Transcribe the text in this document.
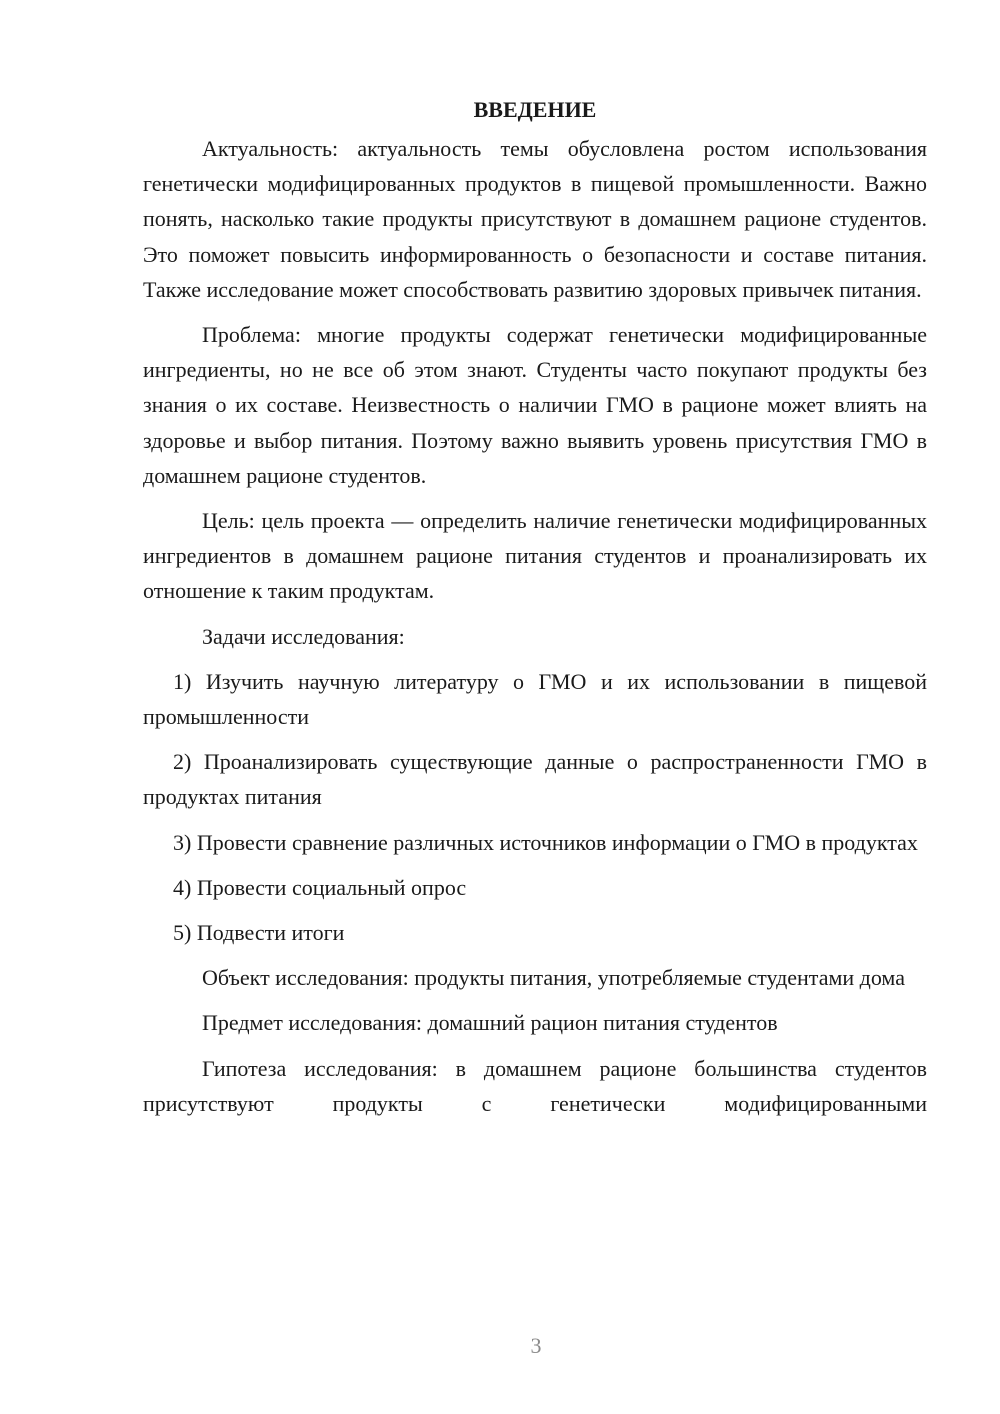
ВВЕДЕНИЕ

Актуальность: актуальность темы обусловлена ростом использования генетически модифицированных продуктов в пищевой промышленности. Важно понять, насколько такие продукты присутствуют в домашнем рационе студентов. Это поможет повысить информированность о безопасности и составе питания. Также исследование может способствовать развитию здоровых привычек питания.

Проблема: многие продукты содержат генетически модифицированные ингредиенты, но не все об этом знают. Студенты часто покупают продукты без знания о их составе. Неизвестность о наличии ГМО в рационе может влиять на здоровье и выбор питания. Поэтому важно выявить уровень присутствия ГМО в домашнем рационе студентов.

Цель: цель проекта — определить наличие генетически модифицированных ингредиентов в домашнем рационе питания студентов и проанализировать их отношение к таким продуктам.

Задачи исследования:

1) Изучить научную литературу о ГМО и их использовании в пищевой промышленности

2) Проанализировать существующие данные о распространенности ГМО в продуктах питания

3) Провести сравнение различных источников информации о ГМО в продуктах

4) Провести социальный опрос

5) Подвести итоги

Объект исследования: продукты питания, употребляемые студентами дома

Предмет исследования: домашний рацион питания студентов

Гипотеза исследования: в домашнем рационе большинства студентов присутствуют продукты с генетически модифицированными

3
